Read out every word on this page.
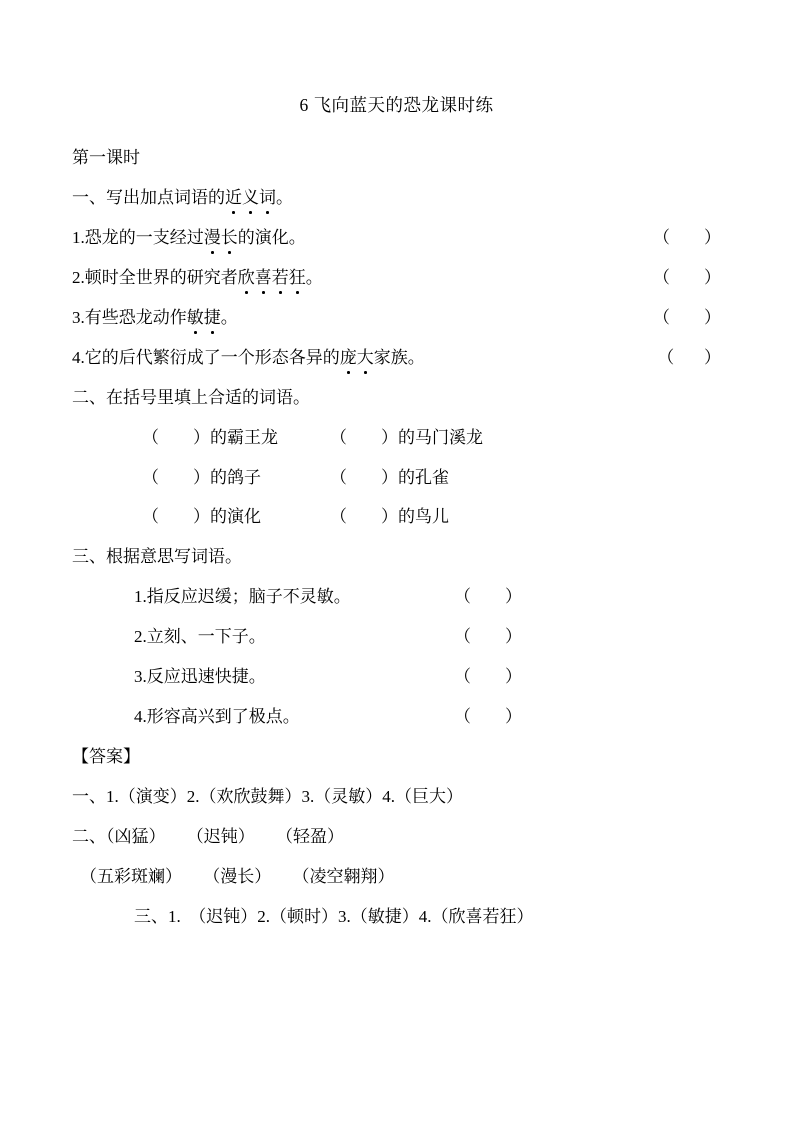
6 飞向蓝天的恐龙课时练
第一课时
一、写出加点词语的近义词。
1. 恐龙的一支经过 漫长 的演化。	（        ）
2. 顿时全世界的研究者 欣喜若狂 。	（        ）
3. 有些恐龙动作 敏捷 。	（        ）
4. 它的后代繁衍成了一个形态各异的 庞大 家族。	（       ）
二、在括号里填上合适的词语。
（        ）的霸王龙	（        ）的马门溪龙
（        ）的鸽子	（        ）的孔雀
（        ）的演化	（        ）的鸟儿
三、根据意思写词语。
1.指反应迟缓；脑子不灵敏。	（        ）
2.立刻、一下子。	（        ）
3.反应迅速快捷。	（        ）
4.形容高兴到了极点。	（        ）
【答案】
一、1.（演变）2.（欢欣鼓舞）3.（灵敏）4.（巨大）
二、（凶猛）     （迟钝）     （轻盈）
（五彩斑斓）     （漫长）     （凌空翱翔）
三、1.  （迟钝）2.（顿时）3.（敏捷）4.（欣喜若狂）
